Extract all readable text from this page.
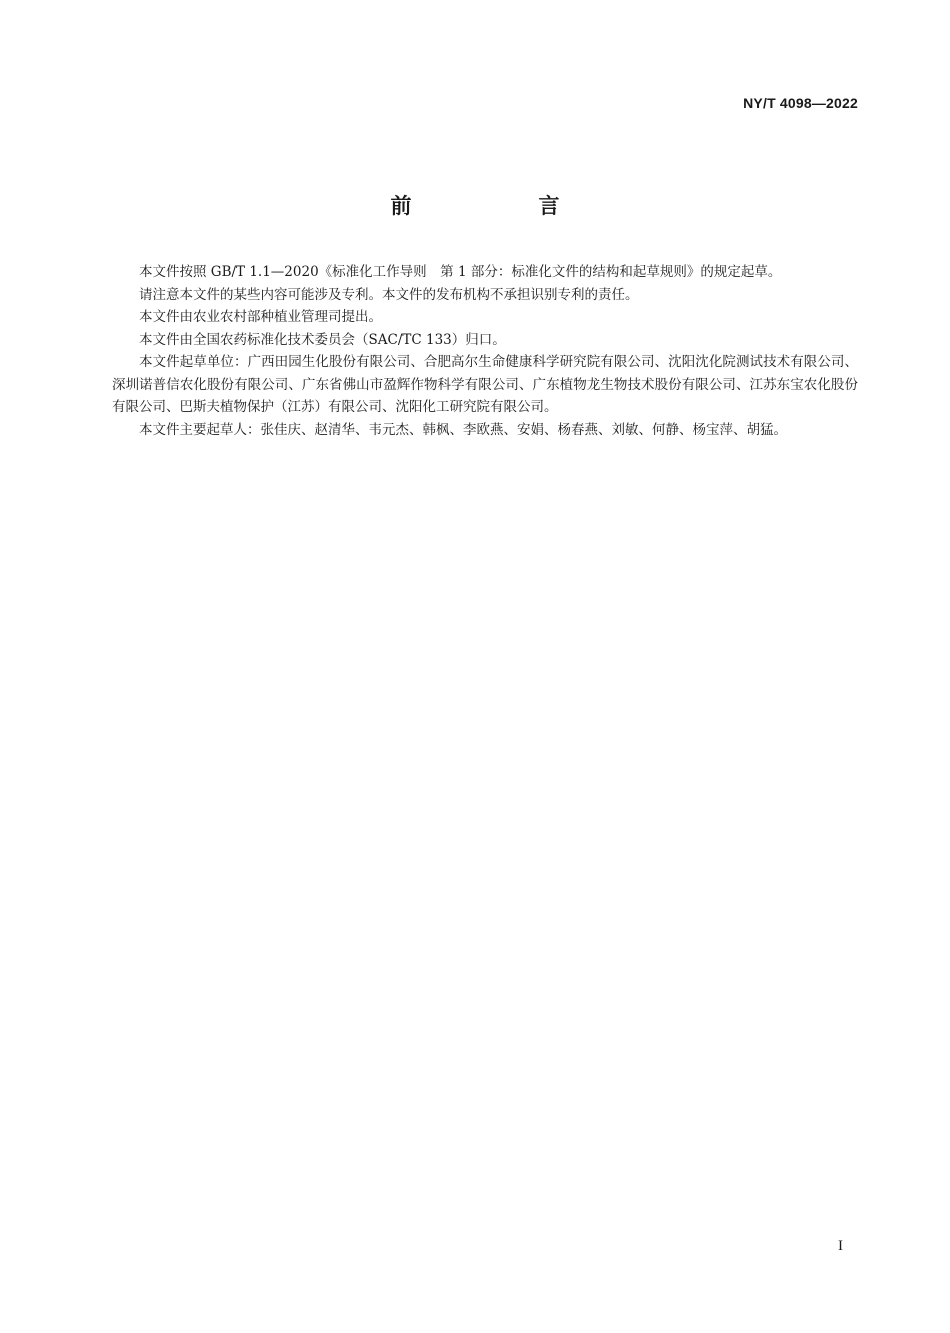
NY/T 4098—2022
前　言

本文件按照 GB/T 1.1—2020《标准化工作导则　第 1 部分：标准化文件的结构和起草规则》的规定起草。

请注意本文件的某些内容可能涉及专利。本文件的发布机构不承担识别专利的责任。

本文件由农业农村部种植业管理司提出。

本文件由全国农药标准化技术委员会（SAC/TC 133）归口。

本文件起草单位：广西田园生化股份有限公司、合肥高尔生命健康科学研究院有限公司、沈阳沈化院测试技术有限公司、深圳诺普信农化股份有限公司、广东省佛山市盈辉作物科学有限公司、广东植物龙生物技术股份有限公司、江苏东宝农化股份有限公司、巴斯夫植物保护（江苏）有限公司、沈阳化工研究院有限公司。

本文件主要起草人：张佳庆、赵清华、韦元杰、韩枫、李欧燕、安娟、杨春燕、刘敏、何静、杨宝萍、胡猛。

I
